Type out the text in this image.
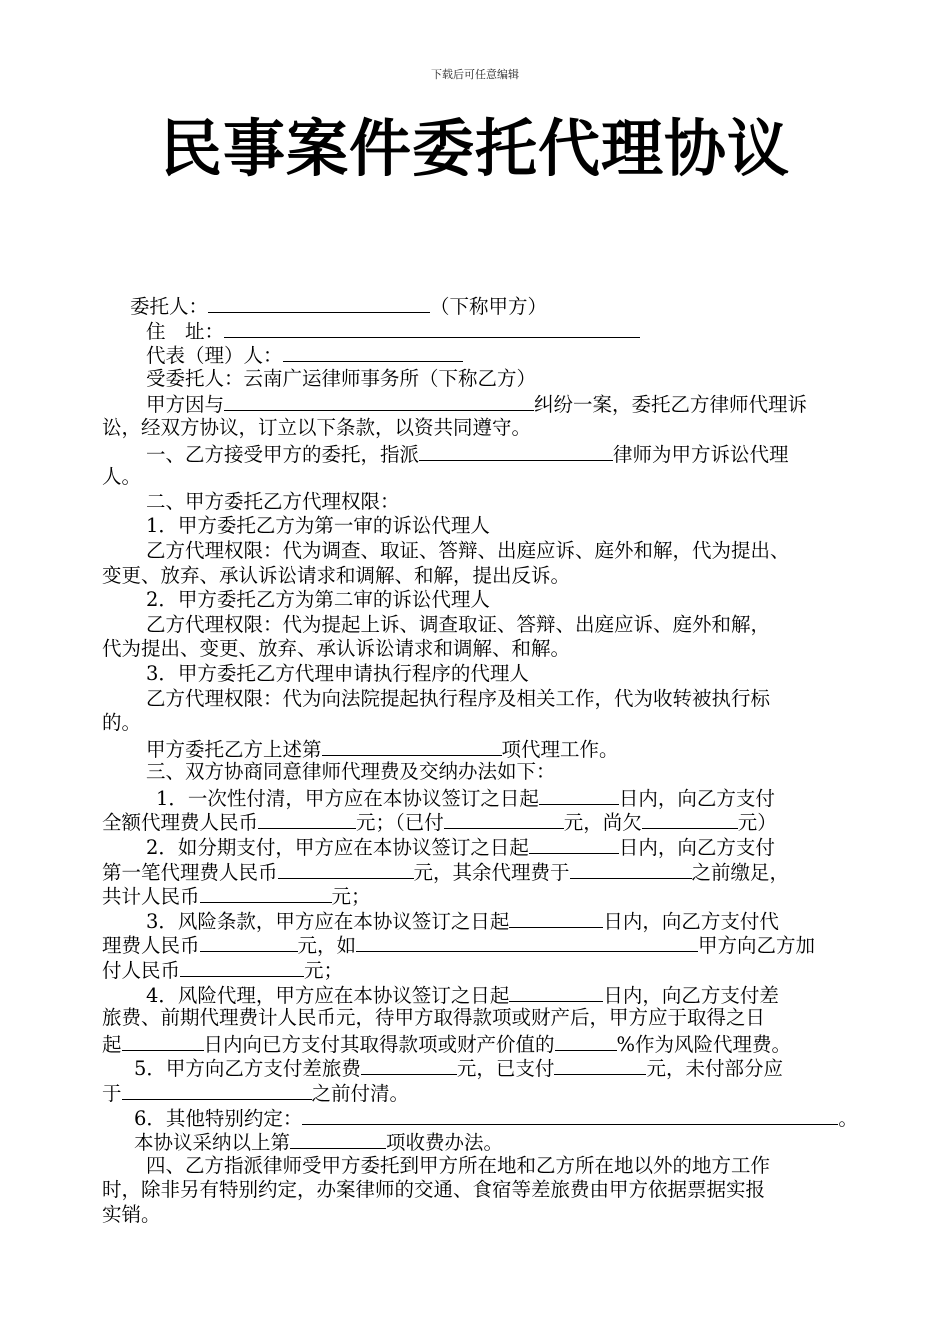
下载后可任意编辑
民事案件委托代理协议
委托人：	（下称甲方）
住　址：
代表（理）人：
受委托人：云南广运律师事务所（下称乙方）
甲方因与	纠纷一案，委托乙方律师代理诉
讼，经双方协议，订立以下条款，以资共同遵守。
一、乙方接受甲方的委托，指派	律师为甲方诉讼代理
人。
二、甲方委托乙方代理权限：
1．甲方委托乙方为第一审的诉讼代理人
乙方代理权限：代为调查、取证、答辩、出庭应诉、庭外和解，代为提出、
变更、放弃、承认诉讼请求和调解、和解，提出反诉。
2．甲方委托乙方为第二审的诉讼代理人
乙方代理权限：代为提起上诉、调查取证、答辩、出庭应诉、庭外和解，
代为提出、变更、放弃、承认诉讼请求和调解、和解。
3．甲方委托乙方代理申请执行程序的代理人
乙方代理权限：代为向法院提起执行程序及相关工作，代为收转被执行标
的。
甲方委托乙方上述第	项代理工作。
三、双方协商同意律师代理费及交纳办法如下：
1．一次性付清，甲方应在本协议签订之日起	日内，向乙方支付
全额代理费人民币	元；（已付	元，尚欠	元）
2．如分期支付，甲方应在本协议签订之日起	日内，向乙方支付
第一笔代理费人民币	元，其余代理费于	之前缴足，
共计人民币	元；
3．风险条款，甲方应在本协议签订之日起	日内，向乙方支付代
理费人民币	元，如	甲方向乙方加
付人民币	元；
4．风险代理，甲方应在本协议签订之日起	日内，向乙方支付差
旅费、前期代理费计人民币元，待甲方取得款项或财产后，甲方应于取得之日
起	日内向已方支付其取得款项或财产价值的	%作为风险代理费。
5．甲方向乙方支付差旅费	元，已支付	元，未付部分应
于	之前付清。
6．其他特别约定：	。
本协议采纳以上第	项收费办法。
四、乙方指派律师受甲方委托到甲方所在地和乙方所在地以外的地方工作
时，除非另有特别约定，办案律师的交通、食宿等差旅费由甲方依据票据实报
实销。
